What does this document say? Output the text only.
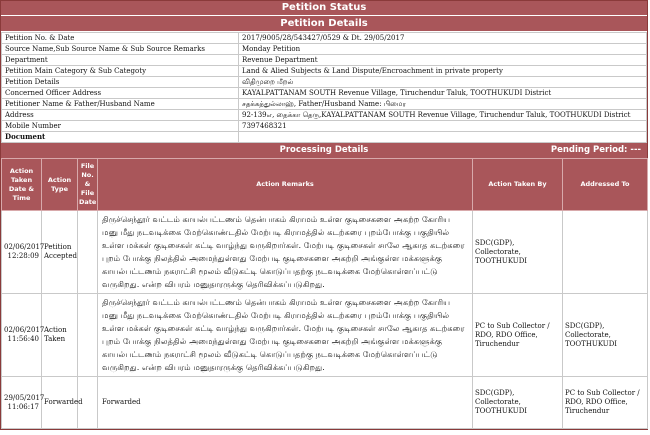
Petition Status
Petition Details
Petition No. & Date	2017/9005/28/543427/0529 & Dt. 29/05/2017
Source Name,Sub Source Name & Sub Source Remarks	Monday Petition
Department	Revenue Department
Petition Main Category & Sub Categoty	Land & Alied Subjects & Land Dispute/Encroachment in private property
Petition Details	விதிமுறை மீறல்
Concerned Officer Address	KAYALPATTANAM SOUTH Revenue Village, Tiruchendur Taluk, TOOTHUKUDI District
Petitioner Name & Father/Husband Name	சதக்கத்துல்லாஹ், Father/Husband Name: பிமைர
Address	92-139எ, தைக்கா தெரு,KAYALPATTANAM SOUTH Revenue Village, Tiruchendur Taluk, TOOTHUKUDI District
Mobile Number	7397468321
Document	
Processing Details	Pending Period: ---
Action Taken Date & Time	Action Type	File No. & File Date	Action Remarks	Action Taken By	Addressed To

02/06/2017
12:28:09	Petition Accepted		திருச்செந்தூர் வட்டம் காயல்பட்டணம் தென்பாகம் கிராமம் உள்ள குடிசைகளை அகற்ற கோரிய மனு மீது நடவடிக்கை மேற்கொண்டதில் மேற்படி கிராமத்தில் கடற்கரை புறம்போக்கு பகுதியில் உள்ள மக்கள் குடிசைகள் கட்டி வாழ்ந்து வருகிறார்கள். மேற்படி குடிசைகள் சாலே ஆகாத கடற்கரை புறம் போக்கு நிலத்தில் அமைந்துள்ளது மேற்படி குடிசைகளை அகற்றி அங்குள்ள மக்களுக்கு காயல்பட்டணம் நகராட்சி மூலம் வீடுகட்டி கொடுப்பதற்கு நடவடிக்கை மேற்கொள்ளப்பட்டு வருகிறது. என்ற விபரம் மனுதாரருக்கு தெரிவிக்கப்படுகிறது.	SDC(GDP), Collectorate, TOOTHUKUDI	

02/06/2017
11:56:40	Action Taken		திருச்செந்தூர் வட்டம் காயல்பட்டணம் தென்பாகம் கிராமம் உள்ள குடிசைகளை அகற்ற கோரிய மனு மீது நடவடிக்கை மேற்கொண்டதில் மேற்படி கிராமத்தில் கடற்கரை புறம்போக்கு பகுதியில் உள்ள மக்கள் குடிசைகள் கட்டி வாழ்ந்து வருகிறார்கள். மேற்படி குடிசைகள் சாலே ஆகாத கடற்கரை புறம் போக்கு நிலத்தில் அமைந்துள்ளது மேற்படி குடிசைகளை அகற்றி அங்குள்ள மக்களுக்கு காயல்பட்டணம் நகராட்சி மூலம் வீடுகட்டி கொடுப்பதற்கு நடவடிக்கை மேற்கொள்ளப்பட்டு வருகிறது. என்ற விபரம் மனுதாரருக்கு தெரிவிக்கப்படுகிறது.	PC to Sub Collector / RDO, RDO Office, Tiruchendur	SDC(GDP), Collectorate, TOOTHUKUDI

29/05/2017
11:06:17	Forwarded		Forwarded	SDC(GDP), Collectorate, TOOTHUKUDI	PC to Sub Collector / RDO, RDO Office, Tiruchendur
